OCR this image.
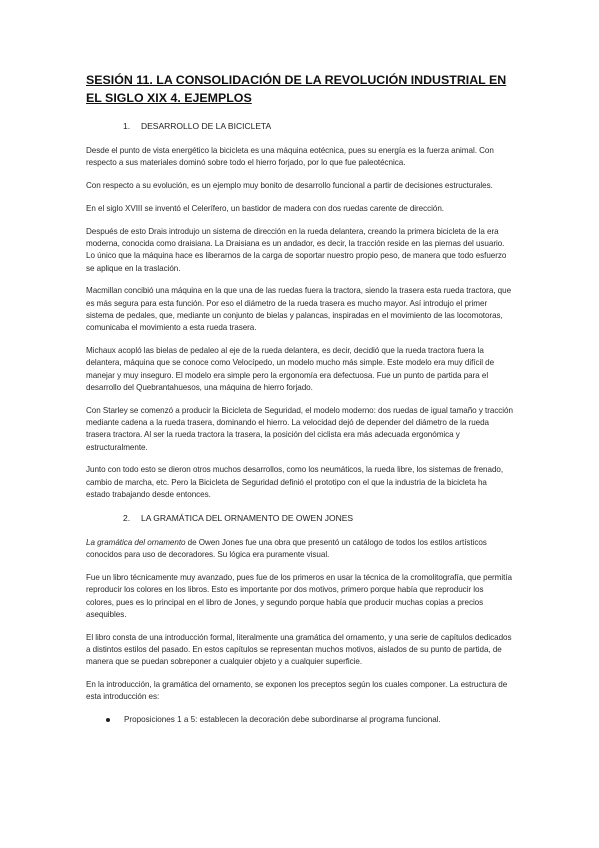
SESIÓN 11. LA CONSOLIDACIÓN DE LA REVOLUCIÓN INDUSTRIAL EN EL SIGLO XIX 4. EJEMPLOS
1.	DESARROLLO DE LA BICICLETA

Desde el punto de vista energético la bicicleta es una máquina eotécnica, pues su energía es la fuerza animal. Con respecto a sus materiales dominó sobre todo el hierro forjado, por lo que fue paleotécnica.

Con respecto a su evolución, es un ejemplo muy bonito de desarrollo funcional a partir de decisiones estructurales.

En el siglo XVIII se inventó el Celerífero, un bastidor de madera con dos ruedas carente de dirección.

Después de esto Drais introdujo un sistema de dirección en la rueda delantera, creando la primera bicicleta de la era moderna, conocida como draisiana. La Draisiana es un andador, es decir, la tracción reside en las piernas del usuario. Lo único que la máquina hace es liberarnos de la carga de soportar nuestro propio peso, de manera que todo esfuerzo se aplique en la traslación.

Macmillan concibió una máquina en la que una de las ruedas fuera la tractora, siendo la trasera esta rueda tractora, que es más segura para esta función. Por eso el diámetro de la rueda trasera es mucho mayor. Así introdujo el primer sistema de pedales, que, mediante un conjunto de bielas y palancas, inspiradas en el movimiento de las locomotoras, comunicaba el movimiento a esta rueda trasera.

Michaux acopló las bielas de pedaleo al eje de la rueda delantera, es decir, decidió que la rueda tractora fuera la delantera, máquina que se conoce como Velocípedo, un modelo mucho más simple. Este modelo era muy difícil de manejar y muy inseguro. El modelo era simple pero la ergonomía era defectuosa. Fue un punto de partida para el desarrollo del Quebrantahuesos, una máquina de hierro forjado.

Con Starley se comenzó a producir la Bicicleta de Seguridad, el modelo moderno: dos ruedas de igual tamaño y tracción mediante cadena a la rueda trasera, dominando el hierro. La velocidad dejó de depender del diámetro de la rueda trasera tractora. Al ser la rueda tractora la trasera, la posición del ciclista era más adecuada ergonómica y estructuralmente.

Junto con todo esto se dieron otros muchos desarrollos, como los neumáticos, la rueda libre, los sistemas de frenado, cambio de marcha, etc. Pero la Bicicleta de Seguridad definió el prototipo con el que la industria de la bicicleta ha estado trabajando desde entonces.

2.	LA GRAMÁTICA DEL ORNAMENTO DE OWEN JONES

La gramática del ornamento de Owen Jones fue una obra que presentó un catálogo de todos los estilos artísticos conocidos para uso de decoradores. Su lógica era puramente visual.

Fue un libro técnicamente muy avanzado, pues fue de los primeros en usar la técnica de la cromolitografía, que permitía reproducir los colores en los libros. Esto es importante por dos motivos, primero porque había que reproducir los colores, pues es lo principal en el libro de Jones, y segundo porque había que producir muchas copias a precios asequibles.

El libro consta de una introducción formal, literalmente una gramática del ornamento, y una serie de capítulos dedicados a distintos estilos del pasado. En estos capítulos se representan muchos motivos, aislados de su punto de partida, de manera que se puedan sobreponer a cualquier objeto y a cualquier superficie.

En la introducción, la gramática del ornamento, se exponen los preceptos según los cuales componer. La estructura de esta introducción es:

Proposiciones 1 a 5: establecen la decoración debe subordinarse al programa funcional.
